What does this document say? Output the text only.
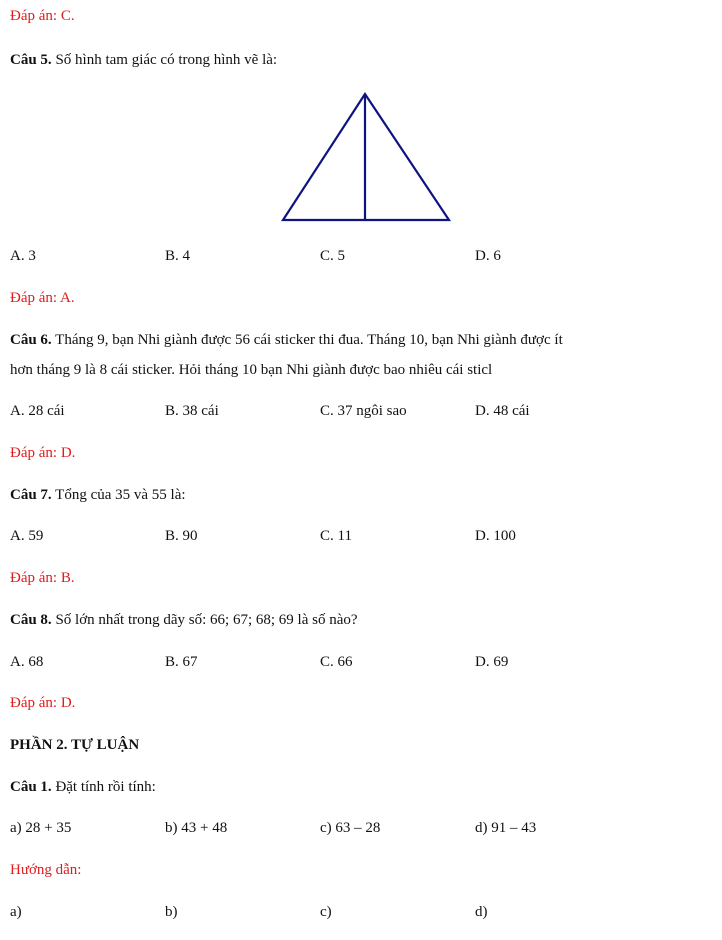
Đáp án: C.
Câu 5. Số hình tam giác có trong hình vẽ là:
A. 3	B. 4	C. 5	D. 6
Đáp án: A.
Câu 6. Tháng 9, bạn Nhi giành được 56 cái sticker thi đua. Tháng 10, bạn Nhi giành được ít
hơn tháng 9 là 8 cái sticker. Hỏi tháng 10 bạn Nhi giành được bao nhiêu cái sticl
A. 28 cái	B. 38 cái	C. 37 ngôi sao	D. 48 cái
Đáp án: D.
Câu 7. Tổng của 35 và 55 là:
A. 59	B. 90	C. 11	D. 100
Đáp án: B.
Câu 8. Số lớn nhất trong dãy số: 66; 67; 68; 69 là số nào?
A. 68	B. 67	C. 66	D. 69
Đáp án: D.
PHẦN 2. TỰ LUẬN
Câu 1. Đặt tính rồi tính:
a) 28 + 35	b) 43 + 48	c) 63 – 28	d) 91 – 43
Hướng dẫn:
a)	b)	c)	d)
